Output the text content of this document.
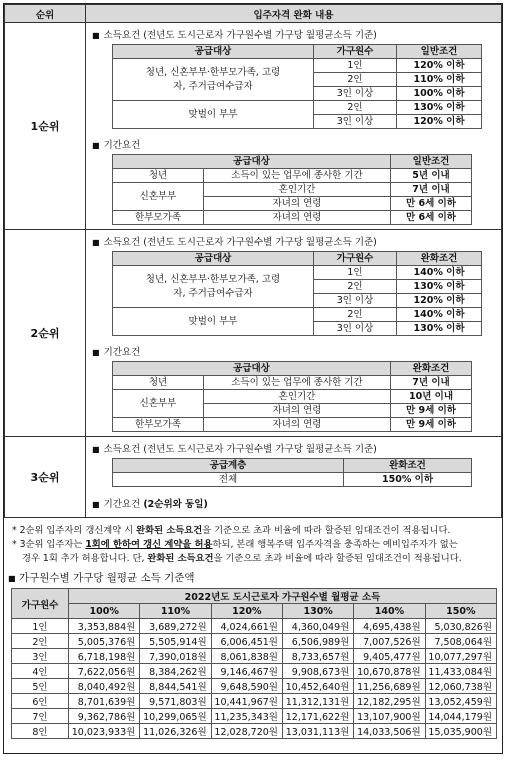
순위	입주자격 완화 내용
1순위	
■ 소득요건 (전년도 도시근로자 가구원수별 가구당 월평균소득 기준)
공급대상	가구원수	일반조건
청년, 신혼부부·한부모가족, 고령자, 주거급여수급자	1인	120% 이하
2인	110% 이하
3인 이상	100% 이하
맞벌이 부부	2인	130% 이하
3인 이상	120% 이하
■ 기간요건
공급대상	일반조건
청년	소득이 있는 업무에 종사한 기간	5년 이내
신혼부부	혼인기간	7년 이내
자녀의 연령	만 6세 이하
한부모가족	자녀의 연령	만 6세 이하

2순위	
■ 소득요건 (전년도 도시근로자 가구원수별 가구당 월평균소득 기준)
공급대상	가구원수	완화조건
청년, 신혼부부·한부모가족, 고령자, 주거급여수급자	1인	140% 이하
2인	130% 이하
3인 이상	120% 이하
맞벌이 부부	2인	140% 이하
3인 이상	130% 이하
■ 기간요건
공급대상	완화조건
청년	소득이 있는 업무에 종사한 기간	7년 이내
신혼부부	혼인기간	10년 이내
자녀의 연령	만 9세 이하
한부모가족	자녀의 연령	만 9세 이하

3순위	
■ 소득요건 (전년도 도시근로자 가구원수별 가구당 월평균소득 기준)
공급계층	완화조건
전체	150% 이하
■ 기간요건 (2순위와 동일)
* 2순위 입주자의 갱신계약 시 완화된 소득요건을 기준으로 초과 비율에 따라 할증된 임대조건이 적용됩니다.
* 3순위 입주자는 1회에 한하여 갱신 계약을 허용하되, 본래 행복주택 입주자격을 충족하는 예비입주자가 없는
경우 1회 추가 허용합니다. 단, 완화된 소득요건을 기준으로 초과 비율에 따라 할증된 임대조건이 적용됩니다.
■ 가구원수별 가구당 월평균 소득 기준액
가구원수	2022년도 도시근로자 가구원수별 월평균 소득					
	100%	110%	120%	130%	140%	150%
1인	3,353,884원	3,689,272원	4,024,661원	4,360,049원	4,695,438원	5,030,826원
2인	5,005,376원	5,505,914원	6,006,451원	6,506,989원	7,007,526원	7,508,064원
3인	6,718,198원	7,390,018원	8,061,838원	8,733,657원	9,405,477원	10,077,297원
4인	7,622,056원	8,384,262원	9,146,467원	9,908,673원	10,670,878원	11,433,084원
5인	8,040,492원	8,844,541원	9,648,590원	10,452,640원	11,256,689원	12,060,738원
6인	8,701,639원	9,571,803원	10,441,967원	11,312,131원	12,182,295원	13,052,459원
7인	9,362,786원	10,299,065원	11,235,343원	12,171,622원	13,107,900원	14,044,179원
8인	10,023,933원	11,026,326원	12,028,720원	13,031,113원	14,033,506원	15,035,900원
